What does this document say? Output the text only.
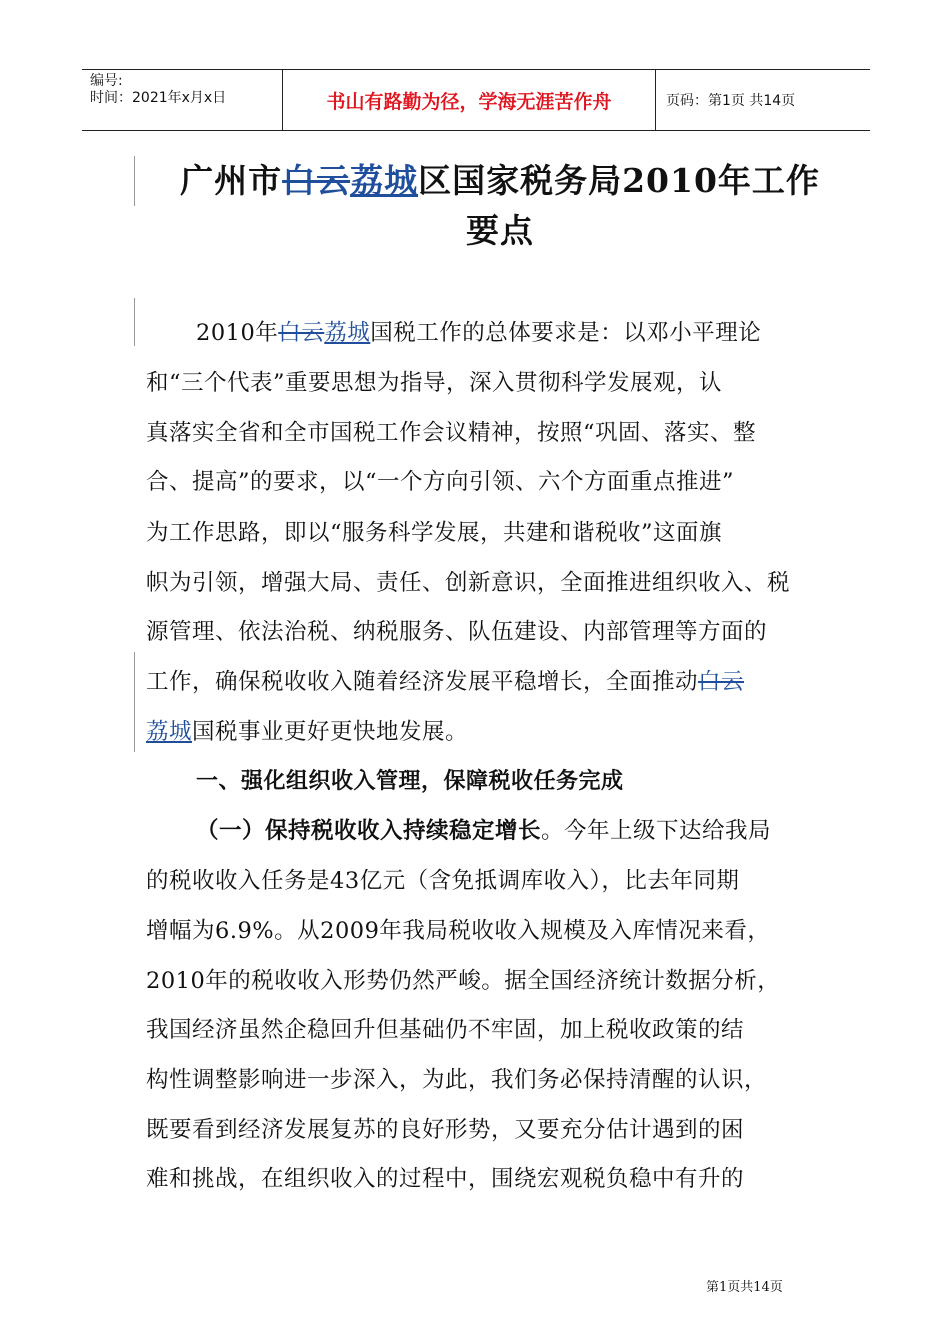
编号:
时间：2021年x月x日	书山有路勤为径，学海无涯苦作舟	页码：第1页 共14页
广州市白云荔城区国家税务局2010年工作
要点
2010年白云荔城国税工作的总体要求是：以邓小平理论
和“三个代表”重要思想为指导，深入贯彻科学发展观，认
真落实全省和全市国税工作会议精神，按照“巩固、落实、整
合、提高”的要求，以“一个方向引领、六个方面重点推进”
为工作思路，即以“服务科学发展，共建和谐税收”这面旗
帜为引领，增强大局、责任、创新意识，全面推进组织收入、税
源管理、依法治税、纳税服务、队伍建设、内部管理等方面的
工作，确保税收收入随着经济发展平稳增长，全面推动白云
荔城国税事业更好更快地发展。
一、强化组织收入管理，保障税收任务完成
（一）保持税收收入持续稳定增长。今年上级下达给我局
的税收收入任务是43亿元（含免抵调库收入），比去年同期
增幅为6.9%。从2009年我局税收收入规模及入库情况来看，
2010年的税收收入形势仍然严峻。据全国经济统计数据分析，
我国经济虽然企稳回升但基础仍不牢固，加上税收政策的结
构性调整影响进一步深入，为此，我们务必保持清醒的认识，
既要看到经济发展复苏的良好形势，又要充分估计遇到的困
难和挑战，在组织收入的过程中，围绕宏观税负稳中有升的
第1页共14页
